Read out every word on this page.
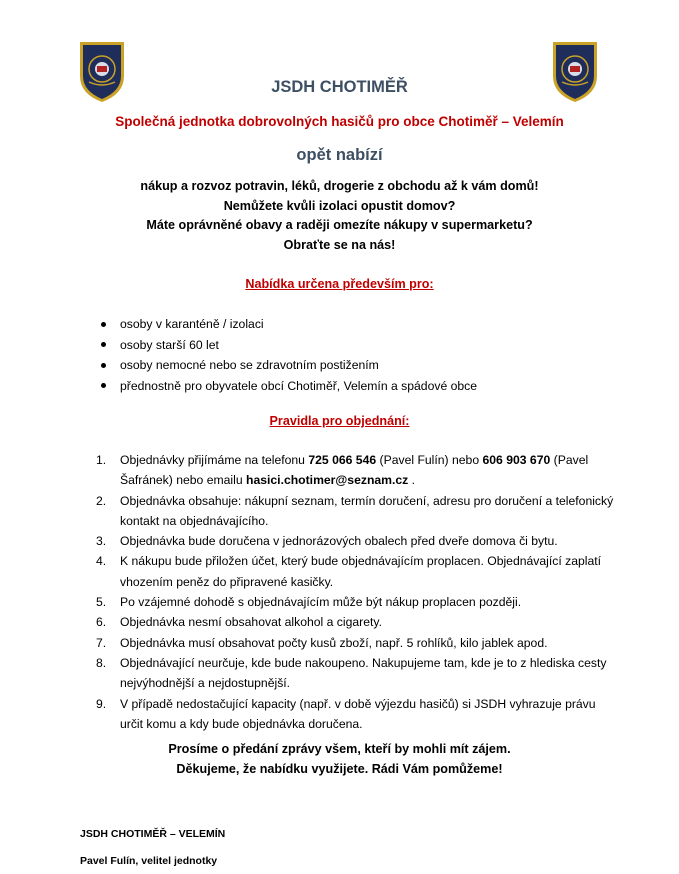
JSDH CHOTIMĚŘ
Společná jednotka dobrovolných hasičů pro obce Chotiměř – Velemín
opět nabízí
nákup a rozvoz potravin, léků, drogerie z obchodu až k vám domů!
Nemůžete kvůli izolaci opustit domov?
Máte oprávněné obavy a raději omezíte nákupy v supermarketu?
Obraťte se na nás!
Nabídka určena především pro:
osoby v karanténě / izolaci
osoby starší 60 let
osoby nemocné nebo se zdravotním postižením
přednostně pro obyvatele obcí Chotiměř, Velemín a spádové obce
Pravidla pro objednání:
1. Objednávky přijímáme na telefonu 725 066 546 (Pavel Fulín) nebo 606 903 670 (Pavel Šafránek) nebo emailu hasici.chotimer@seznam.cz .
2. Objednávka obsahuje: nákupní seznam, termín doručení, adresu pro doručení a telefonický kontakt na objednávajícího.
3. Objednávka bude doručena v jednorázových obalech před dveře domova či bytu.
4. K nákupu bude přiložen účet, který bude objednávajícím proplacen. Objednávající zaplatí vhozením peněz do připravené kasičky.
5. Po vzájemné dohodě s objednávajícím může být nákup proplacen později.
6. Objednávka nesmí obsahovat alkohol a cigarety.
7. Objednávka musí obsahovat počty kusů zboží, např. 5 rohlíků, kilo jablek apod.
8. Objednávající neurčuje, kde bude nakoupeno. Nakupujeme tam, kde je to z hlediska cesty nejvýhodnější a nejdostupnější.
9. V případě nedostačující kapacity (např. v době výjezdu hasičů) si JSDH vyhrazuje právu určit komu a kdy bude objednávka doručena.
Prosíme o předání zprávy všem, kteří by mohli mít zájem.
Děkujeme, že nabídku využijete. Rádi Vám pomůžeme!
JSDH CHOTIMĚŘ – VELEMÍN
Pavel Fulín, velitel jednotky
